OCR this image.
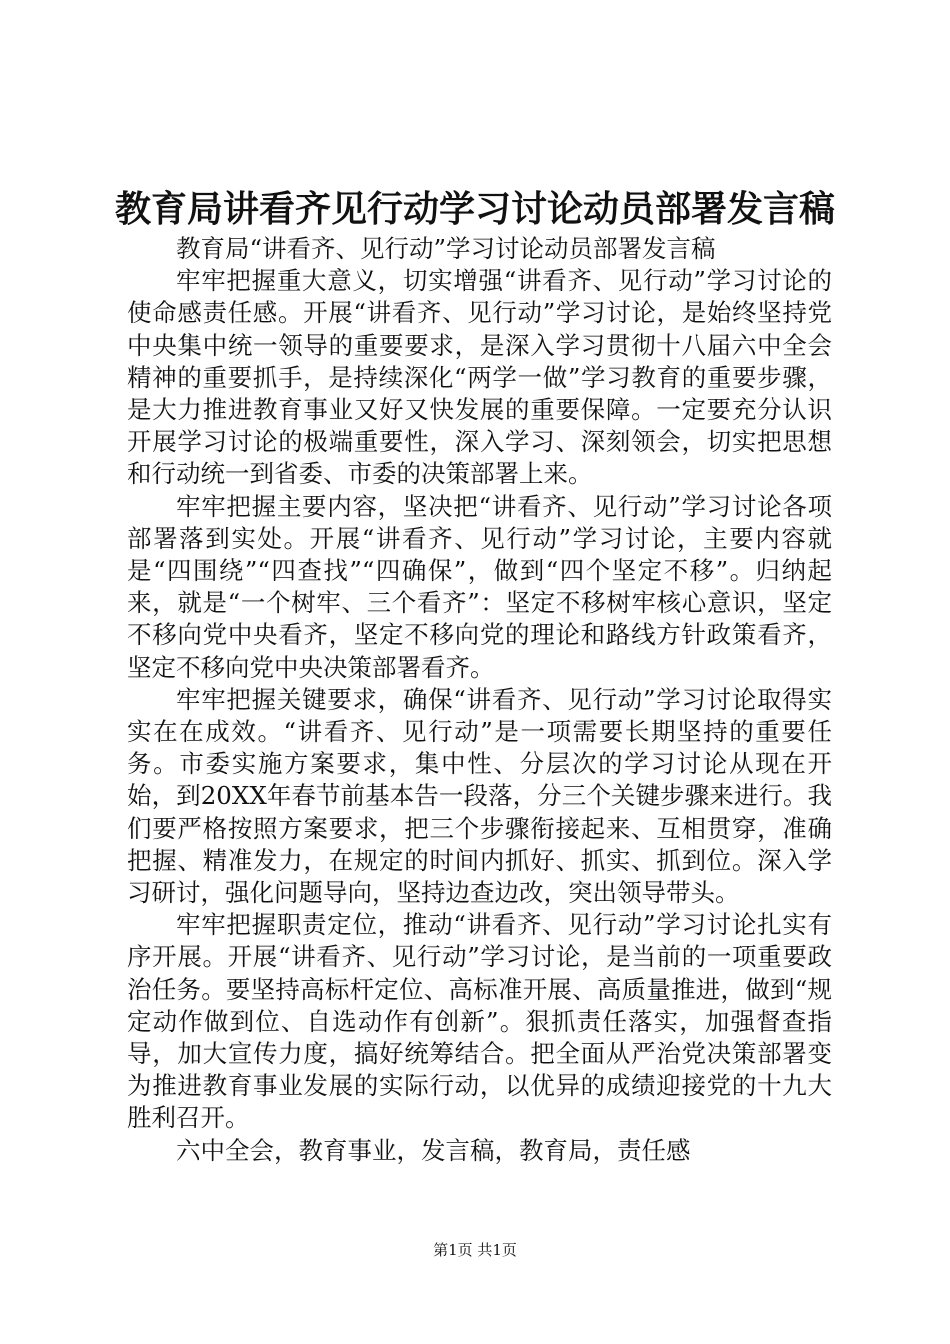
教育局讲看齐见行动学习讨论动员部署发言稿

教育局“讲看齐、见行动”学习讨论动员部署发言稿

牢牢把握重大意义，切实增强“讲看齐、见行动”学习讨论的使命感责任感。开展“讲看齐、见行动”学习讨论，是始终坚持党中央集中统一领导的重要要求，是深入学习贯彻十八届六中全会精神的重要抓手，是持续深化“两学一做”学习教育的重要步骤，是大力推进教育事业又好又快发展的重要保障。一定要充分认识开展学习讨论的极端重要性，深入学习、深刻领会，切实把思想和行动统一到省委、市委的决策部署上来。

牢牢把握主要内容，坚决把“讲看齐、见行动”学习讨论各项部署落到实处。开展“讲看齐、见行动”学习讨论，主要内容就是“四围绕”“四查找”“四确保”，做到“四个坚定不移”。归纳起来，就是“一个树牢、三个看齐”：坚定不移树牢核心意识，坚定不移向党中央看齐，坚定不移向党的理论和路线方针政策看齐，坚定不移向党中央决策部署看齐。

牢牢把握关键要求，确保“讲看齐、见行动”学习讨论取得实实在在成效。“讲看齐、见行动”是一项需要长期坚持的重要任务。市委实施方案要求，集中性、分层次的学习讨论从现在开始，到20XX年春节前基本告一段落，分三个关键步骤来进行。我们要严格按照方案要求，把三个步骤衔接起来、互相贯穿，准确把握、精准发力，在规定的时间内抓好、抓实、抓到位。深入学习研讨，强化问题导向，坚持边查边改，突出领导带头。

牢牢把握职责定位，推动“讲看齐、见行动”学习讨论扎实有序开展。开展“讲看齐、见行动”学习讨论，是当前的一项重要政治任务。要坚持高标杆定位、高标准开展、高质量推进，做到“规定动作做到位、自选动作有创新”。狠抓责任落实，加强督查指导，加大宣传力度，搞好统筹结合。把全面从严治党决策部署变为推进教育事业发展的实际行动，以优异的成绩迎接党的十九大胜利召开。

六中全会，教育事业，发言稿，教育局，责任感

第1页 共1页
